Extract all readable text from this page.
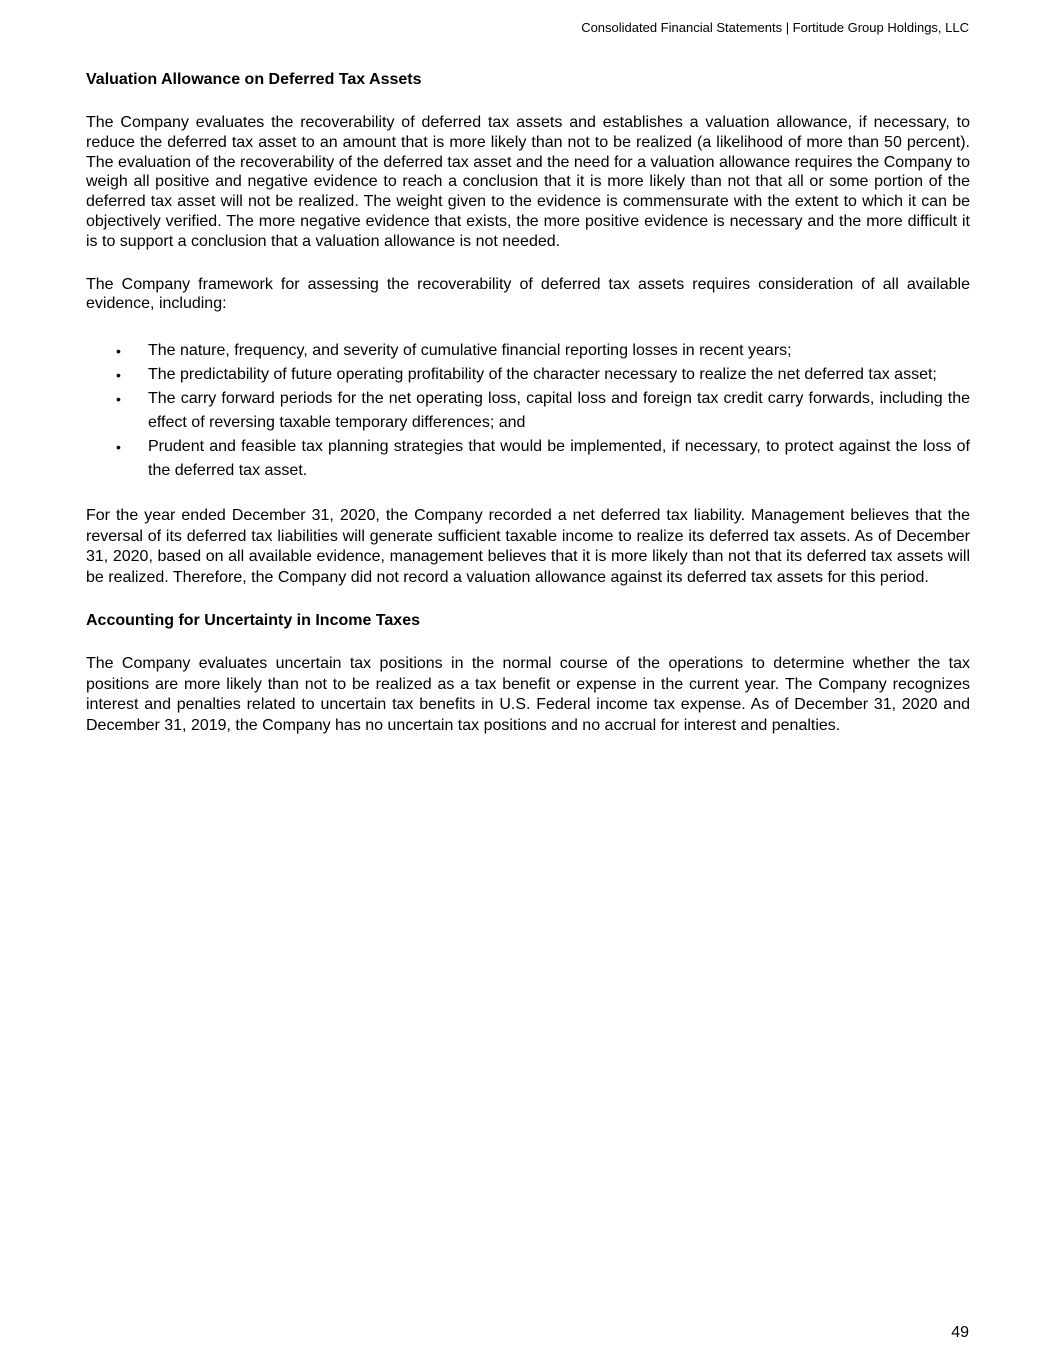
Consolidated Financial Statements | Fortitude Group Holdings, LLC
Valuation Allowance on Deferred Tax Assets

The Company evaluates the recoverability of deferred tax assets and establishes a valuation allowance, if necessary, to reduce the deferred tax asset to an amount that is more likely than not to be realized (a likelihood of more than 50 percent). The evaluation of the recoverability of the deferred tax asset and the need for a valuation allowance requires the Company to weigh all positive and negative evidence to reach a conclusion that it is more likely than not that all or some portion of the deferred tax asset will not be realized. The weight given to the evidence is commensurate with the extent to which it can be objectively verified. The more negative evidence that exists, the more positive evidence is necessary and the more difficult it is to support a conclusion that a valuation allowance is not needed.

The Company framework for assessing the recoverability of deferred tax assets requires consideration of all available evidence, including:

• The nature, frequency, and severity of cumulative financial reporting losses in recent years;
• The predictability of future operating profitability of the character necessary to realize the net deferred tax asset;
• The carry forward periods for the net operating loss, capital loss and foreign tax credit carry forwards, including the effect of reversing taxable temporary differences; and
• Prudent and feasible tax planning strategies that would be implemented, if necessary, to protect against the loss of the deferred tax asset.

For the year ended December 31, 2020, the Company recorded a net deferred tax liability. Management believes that the reversal of its deferred tax liabilities will generate sufficient taxable income to realize its deferred tax assets. As of December 31, 2020, based on all available evidence, management believes that it is more likely than not that its deferred tax assets will be realized. Therefore, the Company did not record a valuation allowance against its deferred tax assets for this period.

Accounting for Uncertainty in Income Taxes

The Company evaluates uncertain tax positions in the normal course of the operations to determine whether the tax positions are more likely than not to be realized as a tax benefit or expense in the current year. The Company recognizes interest and penalties related to uncertain tax benefits in U.S. Federal income tax expense. As of December 31, 2020 and December 31, 2019, the Company has no uncertain tax positions and no accrual for interest and penalties.

49
